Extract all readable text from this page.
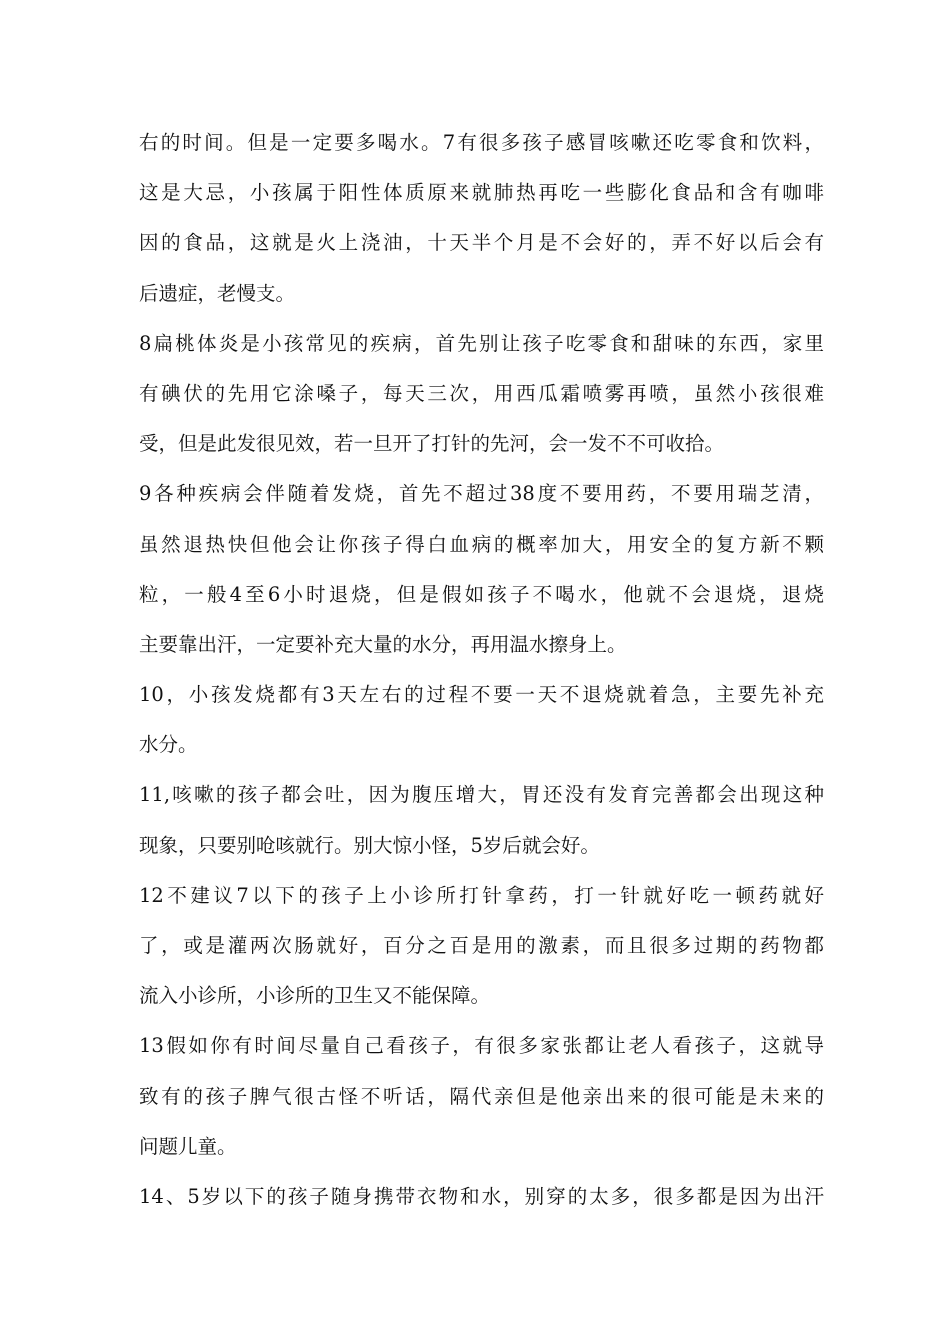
右的时间。但是一定要多喝水。7有很多孩子感冒咳嗽还吃零食和饮料，
这是大忌，小孩属于阳性体质原来就肺热再吃一些膨化食品和含有咖啡
因的食品，这就是火上浇油，十天半个月是不会好的，弄不好以后会有
后遗症，老慢支。
8扁桃体炎是小孩常见的疾病，首先别让孩子吃零食和甜味的东西，家里
有碘伏的先用它涂嗓子，每天三次，用西瓜霜喷雾再喷，虽然小孩很难
受，但是此发很见效，若一旦开了打针的先河，会一发不不可收拾。
9各种疾病会伴随着发烧，首先不超过38度不要用药，不要用瑞芝清，
虽然退热快但他会让你孩子得白血病的概率加大，用安全的复方新不颗
粒，一般4至6小时退烧，但是假如孩子不喝水，他就不会退烧，退烧
主要靠出汗，一定要补充大量的水分，再用温水擦身上。
10，小孩发烧都有3天左右的过程不要一天不退烧就着急，主要先补充
水分。
11,咳嗽的孩子都会吐，因为腹压增大，胃还没有发育完善都会出现这种
现象，只要别呛咳就行。别大惊小怪，5岁后就会好。
12不建议7以下的孩子上小诊所打针拿药，打一针就好吃一顿药就好
了，或是灌两次肠就好，百分之百是用的激素，而且很多过期的药物都
流入小诊所，小诊所的卫生又不能保障。
13假如你有时间尽量自己看孩子，有很多家张都让老人看孩子，这就导
致有的孩子脾气很古怪不听话，隔代亲但是他亲出来的很可能是未来的
问题儿童。
14、5岁以下的孩子随身携带衣物和水，别穿的太多，很多都是因为出汗
